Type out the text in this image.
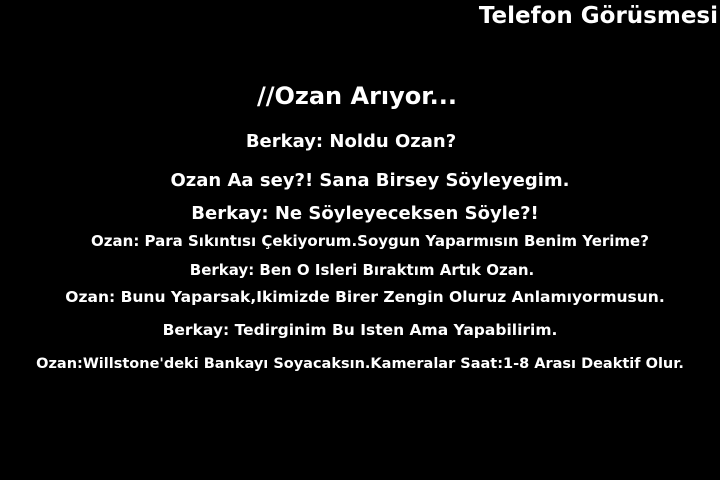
Telefon Görüsmesi
//Ozan Arıyor...
Berkay: Noldu Ozan?
Ozan Aa sey?! Sana Birsey Söyleyegim.
Berkay: Ne Söyleyeceksen Söyle?!
Ozan: Para Sıkıntısı Çekiyorum.Soygun Yaparmısın Benim Yerime?
Berkay: Ben O Isleri Bıraktım Artık Ozan.
Ozan: Bunu Yaparsak,Ikimizde Birer Zengin Oluruz Anlamıyormusun.
Berkay: Tedirginim Bu Isten Ama Yapabilirim.
Ozan:Willstone'deki Bankayı Soyacaksın.Kameralar Saat:1-8 Arası Deaktif Olur.
